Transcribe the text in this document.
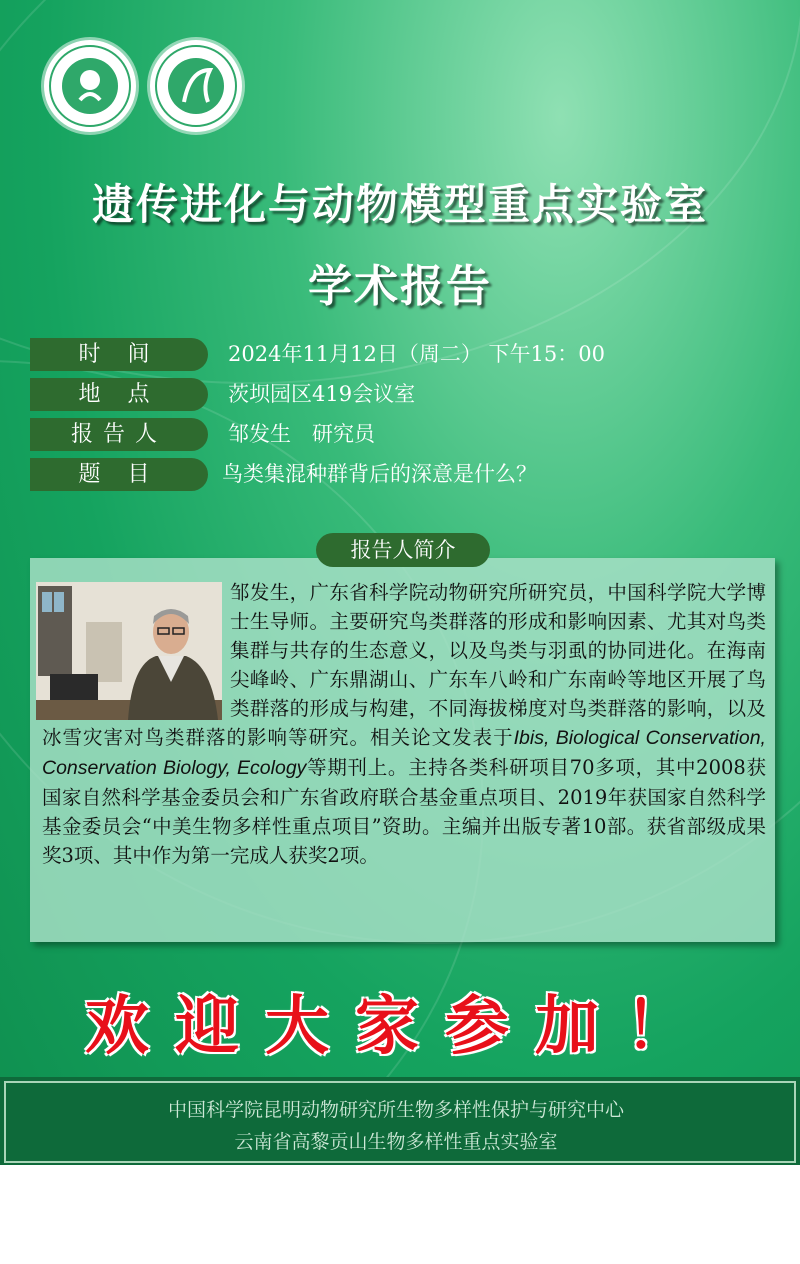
遗传进化与动物模型重点实验室
学术报告
时 间	2024年11月12日（周二） 下午15：00
地 点	茨坝园区419会议室
报告人	邹发生　研究员
题 目	鸟类集混种群背后的深意是什么？
邹发生，广东省科学院动物研究所研究员，中国科学院大学博士生导师。主要研究鸟类群落的形成和影响因素、尤其对鸟类集群与共存的生态意义，以及鸟类与羽虱的协同进化。在海南尖峰岭、广东鼎湖山、广东车八岭和广东南岭等地区开展了鸟类群落的形成与构建，不同海拔梯度对鸟类群落的影响，以及冰雪灾害对鸟类群落的影响等研究。相关论文发表于Ibis, Biological Conservation, Conservation Biology, Ecology等期刊上。主持各类科研项目70多项，其中2008获国家自然科学基金委员会和广东省政府联合基金重点项目、2019年获国家自然科学基金委员会“中美生物多样性重点项目”资助。主编并出版专著10部。获省部级成果奖3项、其中作为第一完成人获奖2项。
报告人简介
欢迎大家参加！
中国科学院昆明动物研究所生物多样性保护与研究中心
云南省高黎贡山生物多样性重点实验室
